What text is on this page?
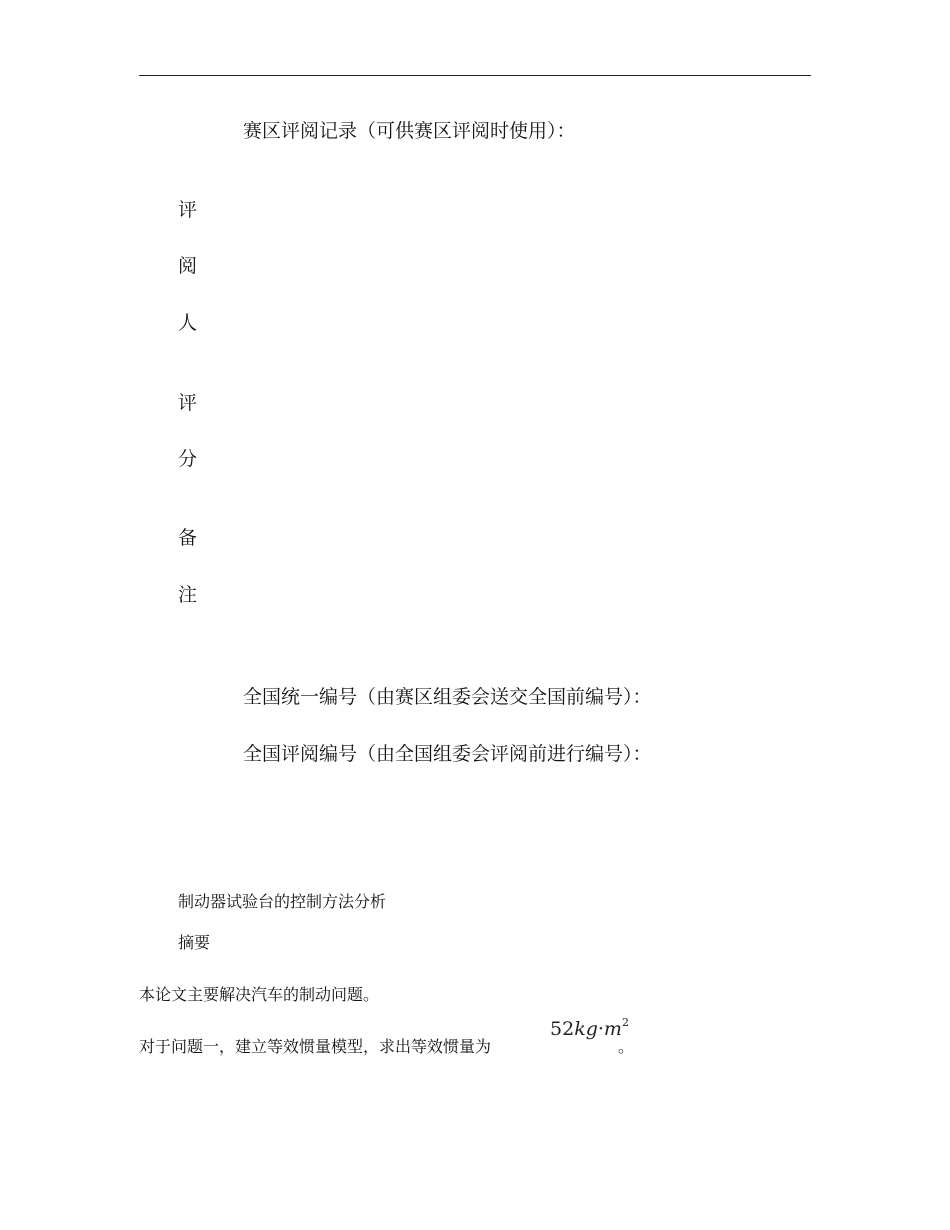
赛区评阅记录（可供赛区评阅时使用）：
评
阅
人
评
分
备
注
全国统一编号（由赛区组委会送交全国前编号）：
全国评阅编号（由全国组委会评阅前进行编号）：
制动器试验台的控制方法分析
摘要
本论文主要解决汽车的制动问题。
对于问题一，建立等效惯量模型，求出等效惯量为
$52kg\cdot m^2$
。
